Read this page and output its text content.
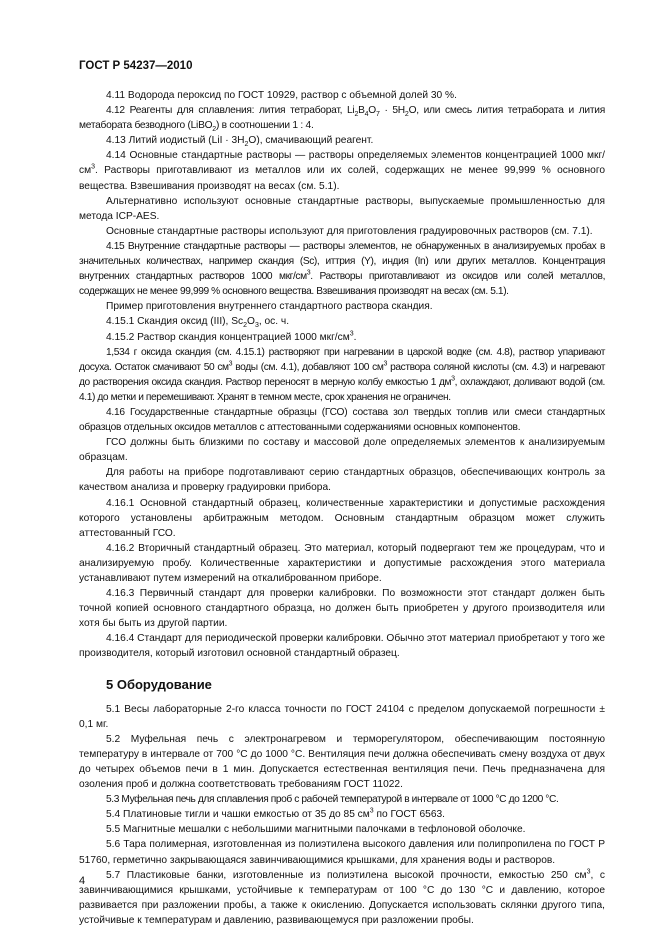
ГОСТ Р 54237—2010

4.11 Водорода пероксид по ГОСТ 10929, раствор с объемной долей 30 %.

4.12 Реагенты для сплавления: лития тетраборат, $Li_2B_4O_7 \cdot 5H_2O$, или смесь лития тетрабората и лития метабората безводного (LiBO$_2$) в соотношении 1 : 4.

4.13 Литий иодистый $(LiI \cdot 3H_2O)$, смачивающий реагент.

4.14 Основные стандартные растворы — растворы определяемых элементов концентрацией 1000 мкг/$см^3$. Растворы приготавливают из металлов или их солей, содержащих не менее 99,999 % основного вещества. Взвешивания производят на весах (см. 5.1).

Альтернативно используют основные стандартные растворы, выпускаемые промышленностью для метода ICP-AES.

Основные стандартные растворы используют для приготовления градуировочных растворов (см. 7.1).

4.15 Внутренние стандартные растворы — растворы элементов, не обнаруженных в анализируемых пробах в значительных количествах, например скандия (Sc), иттрия (Y), индия (In) или других металлов. Концентрация внутренних стандартных растворов 1000 мкг/$см^3$. Растворы приготавливают из оксидов или солей металлов, содержащих не менее 99,999 % основного вещества. Взвешивания производят на весах (см. 5.1).

Пример приготовления внутреннего стандартного раствора скандия.

4.15.1 Скандия оксид (III), $Sc_2O_3$, ос. ч.

4.15.2 Раствор скандия концентрацией 1000 мкг/$см^3$.

1,534 г оксида скандия (см. 4.15.1) растворяют при нагревании в царской водке (см. 4.8), раствор упаривают досуха. Остаток смачивают 50 $см^3$ воды (см. 4.1), добавляют 100 $см^3$ раствора соляной кислоты (см. 4.3) и нагревают до растворения оксида скандия. Раствор переносят в мерную колбу емкостью 1 $дм^3$, охлаждают, доливают водой (см. 4.1) до метки и перемешивают. Хранят в темном месте, срок хранения не ограничен.

4.16 Государственные стандартные образцы (ГСО) состава зол твердых топлив или смеси стандартных образцов отдельных оксидов металлов с аттестованными содержаниями основных компонентов.

ГСО должны быть близкими по составу и массовой доле определяемых элементов к анализируемым образцам.

Для работы на приборе подготавливают серию стандартных образцов, обеспечивающих контроль за качеством анализа и проверку градуировки прибора.

4.16.1 Основной стандартный образец, количественные характеристики и допустимые расхождения которого установлены арбитражным методом. Основным стандартным образцом может служить аттестованный ГСО.

4.16.2 Вторичный стандартный образец. Это материал, который подвергают тем же процедурам, что и анализируемую пробу. Количественные характеристики и допустимые расхождения этого материала устанавливают путем измерений на откалиброванном приборе.

4.16.3 Первичный стандарт для проверки калибровки. По возможности этот стандарт должен быть точной копией основного стандартного образца, но должен быть приобретен у другого производителя или хотя бы быть из другой партии.

4.16.4 Стандарт для периодической проверки калибровки. Обычно этот материал приобретают у того же производителя, который изготовил основной стандартный образец.

5 Оборудование

5.1 Весы лабораторные 2-го класса точности по ГОСТ 24104 с пределом допускаемой погрешности ± 0,1 мг.

5.2 Муфельная печь с электронагревом и терморегулятором, обеспечивающим постоянную температуру в интервале от 700 °С до 1000 °С. Вентиляция печи должна обеспечивать смену воздуха от двух до четырех объемов печи в 1 мин. Допускается естественная вентиляция печи. Печь предназначена для озоления проб и должна соответствовать требованиям ГОСТ 11022.

5.3 Муфельная печь для сплавления проб с рабочей температурой в интервале от 1000 °С до 1200 °С.

5.4 Платиновые тигли и чашки емкостью от 35 до 85 $см^3$ по ГОСТ 6563.

5.5 Магнитные мешалки с небольшими магнитными палочками в тефлоновой оболочке.

5.6 Тара полимерная, изготовленная из полиэтилена высокого давления или полипропилена по ГОСТ Р 51760, герметично закрывающаяся завинчивающимися крышками, для хранения воды и растворов.

5.7 Пластиковые банки, изготовленные из полиэтилена высокой прочности, емкостью 250 $см^3$, с завинчивающимися крышками, устойчивые к температурам от 100 °С до 130 °С и давлению, которое развивается при разложении пробы, а также к окислению. Допускается использовать склянки другого типа, устойчивые к температурам и давлению, развивающемуся при разложении пробы.

4
